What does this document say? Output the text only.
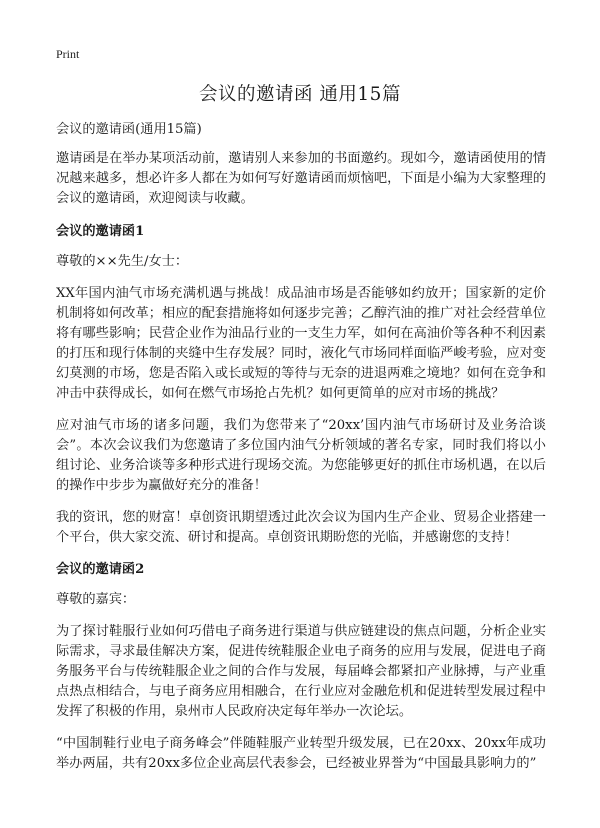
Print
会议的邀请函 通用15篇

会议的邀请函(通用15篇)

邀请函是在举办某项活动前，邀请别人来参加的书面邀约。现如今，邀请函使用的情况越来越多，想必许多人都在为如何写好邀请函而烦恼吧，下面是小编为大家整理的会议的邀请函，欢迎阅读与收藏。

会议的邀请函1

尊敬的××先生/女士：

XX年国内油气市场充满机遇与挑战！成品油市场是否能够如约放开；国家新的定价机制将如何改革；相应的配套措施将如何逐步完善；乙醇汽油的推广对社会经营单位将有哪些影响；民营企业作为油品行业的一支生力军，如何在高油价等各种不利因素的打压和现行体制的夹缝中生存发展？同时，液化气市场同样面临严峻考验，应对变幻莫测的市场，您是否陷入或长或短的等待与无奈的进退两难之境地？如何在竞争和冲击中获得成长，如何在燃气市场抢占先机？如何更简单的应对市场的挑战？

应对油气市场的诸多问题，我们为您带来了“20xx’国内油气市场研讨及业务洽谈会”。本次会议我们为您邀请了多位国内油气分析领域的著名专家，同时我们将以小组讨论、业务洽谈等多种形式进行现场交流。为您能够更好的抓住市场机遇，在以后的操作中步步为赢做好充分的准备！

我的资讯，您的财富！卓创资讯期望透过此次会议为国内生产企业、贸易企业搭建一个平台，供大家交流、研讨和提高。卓创资讯期盼您的光临，并感谢您的支持！

会议的邀请函2

尊敬的嘉宾：

为了探讨鞋服行业如何巧借电子商务进行渠道与供应链建设的焦点问题，分析企业实际需求，寻求最佳解决方案，促进传统鞋服企业电子商务的应用与发展，促进电子商务服务平台与传统鞋服企业之间的合作与发展，每届峰会都紧扣产业脉搏，与产业重点热点相结合，与电子商务应用相融合，在行业应对金融危机和促进转型发展过程中发挥了积极的作用，泉州市人民政府决定每年举办一次论坛。

“中国制鞋行业电子商务峰会”伴随鞋服产业转型升级发展，已在20xx、20xx年成功举办两届，共有20xx多位企业高层代表参会，已经被业界誉为“中国最具影响力的”
